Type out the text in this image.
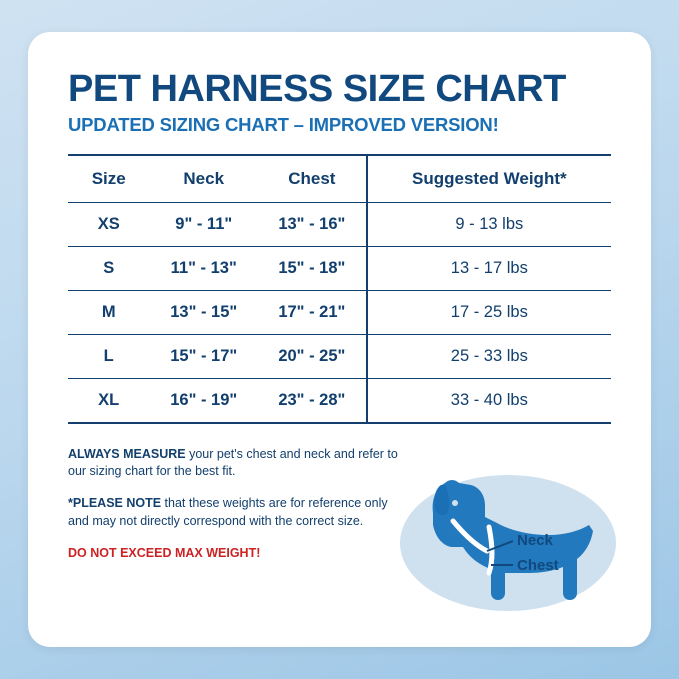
PET HARNESS SIZE CHART
UPDATED SIZING CHART – IMPROVED VERSION!
Size	Neck	Chest	Suggested Weight*
XS	9" - 11"	13" - 16"	9 - 13 lbs
S	11" - 13"	15" - 18"	13 - 17 lbs
M	13" - 15"	17" - 21"	17 - 25 lbs
L	15" - 17"	20" - 25"	25 - 33 lbs
XL	16" - 19"	23" - 28"	33 - 40 lbs

ALWAYS MEASURE your pet's chest and neck and refer to our sizing chart for the best fit.

*PLEASE NOTE that these weights are for reference only and may not directly correspond with the correct size.

DO NOT EXCEED MAX WEIGHT!

Neck
Chest
